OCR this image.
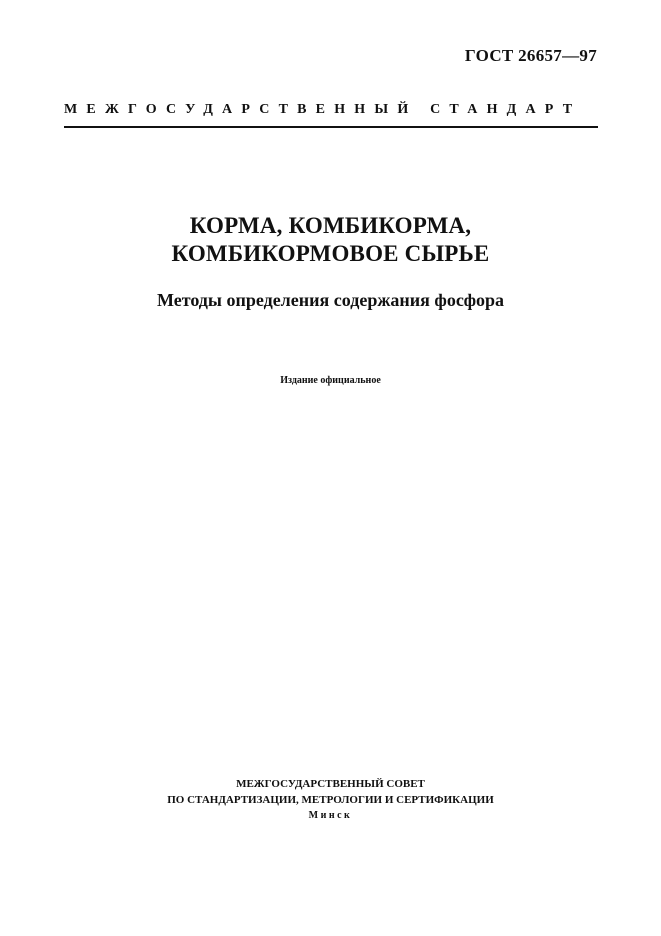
ГОСТ 26657—97
МЕЖГОСУДАРСТВЕННЫЙ СТАНДАРТ
КОРМА, КОМБИКОРМА,
КОМБИКОРМОВОЕ СЫРЬЕ
Методы определения содержания фосфора
Издание официальное
МЕЖГОСУДАРСТВЕННЫЙ СОВЕТ
ПО СТАНДАРТИЗАЦИИ, МЕТРОЛОГИИ И СЕРТИФИКАЦИИ
Минск
